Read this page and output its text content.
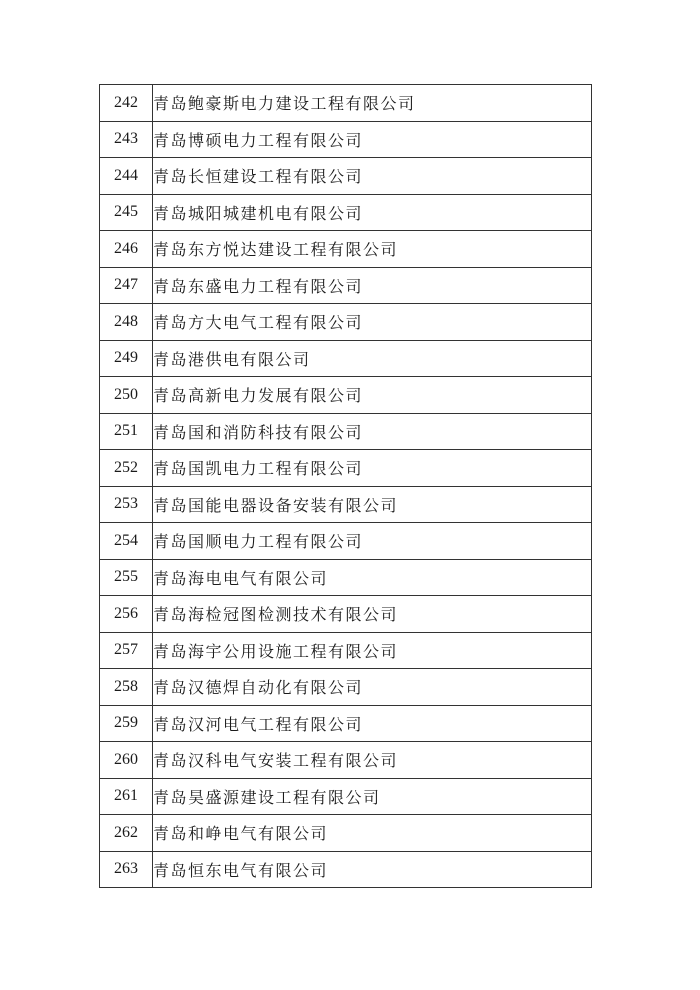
242	青岛鲍豪斯电力建设工程有限公司
243	青岛博硕电力工程有限公司
244	青岛长恒建设工程有限公司
245	青岛城阳城建机电有限公司
246	青岛东方悦达建设工程有限公司
247	青岛东盛电力工程有限公司
248	青岛方大电气工程有限公司
249	青岛港供电有限公司
250	青岛高新电力发展有限公司
251	青岛国和消防科技有限公司
252	青岛国凯电力工程有限公司
253	青岛国能电器设备安装有限公司
254	青岛国顺电力工程有限公司
255	青岛海电电气有限公司
256	青岛海检冠图检测技术有限公司
257	青岛海宇公用设施工程有限公司
258	青岛汉德焊自动化有限公司
259	青岛汉河电气工程有限公司
260	青岛汉科电气安装工程有限公司
261	青岛昊盛源建设工程有限公司
262	青岛和峥电气有限公司
263	青岛恒东电气有限公司
